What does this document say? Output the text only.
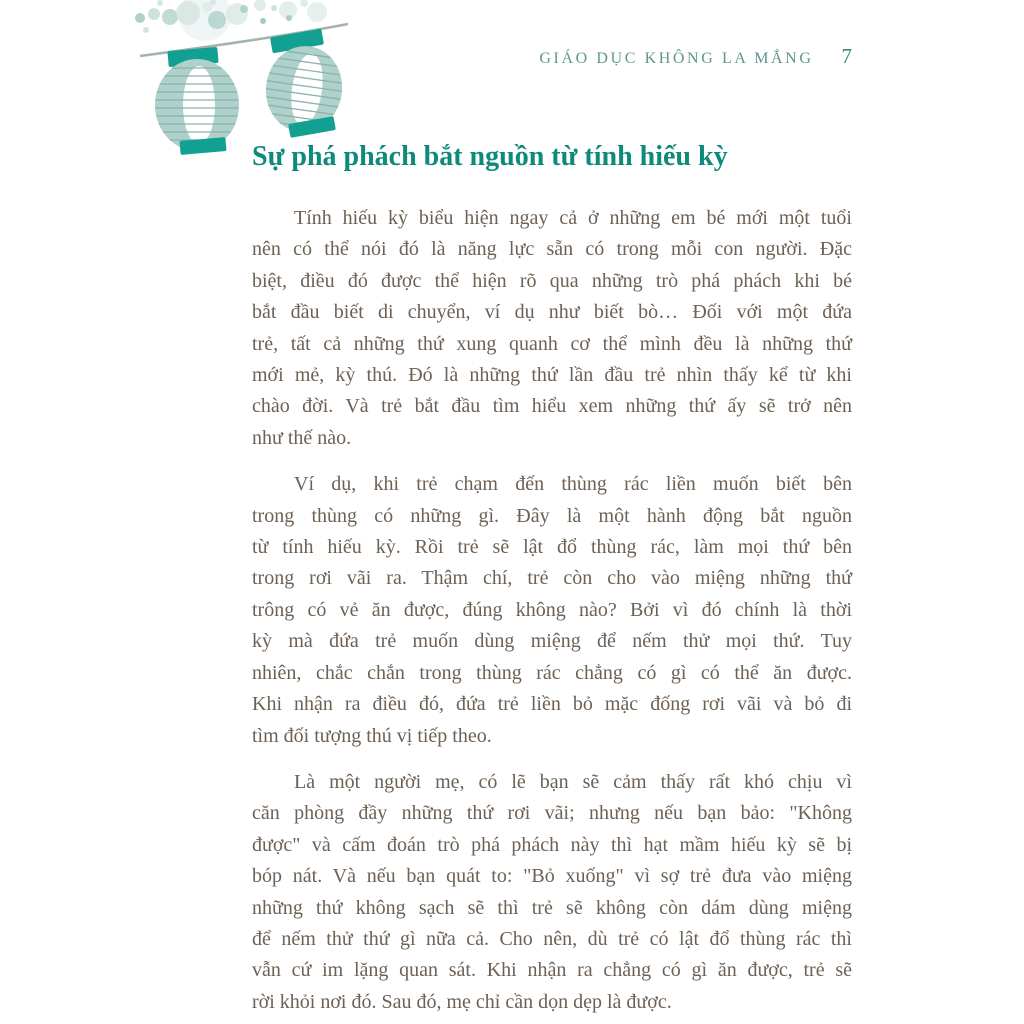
GIÁO DỤC KHÔNG LA MẮNG 7
Sự phá phách bắt nguồn từ tính hiếu kỳ

Tính hiếu kỳ biểu hiện ngay cả ở những em bé mới một tuổi
nên có thể nói đó là năng lực sẵn có trong mỗi con người. Đặc
biệt, điều đó được thể hiện rõ qua những trò phá phách khi bé
bắt đầu biết di chuyển, ví dụ như biết bò… Đối với một đứa
trẻ, tất cả những thứ xung quanh cơ thể mình đều là những thứ
mới mẻ, kỳ thú. Đó là những thứ lần đầu trẻ nhìn thấy kể từ khi
chào đời. Và trẻ bắt đầu tìm hiểu xem những thứ ấy sẽ trở nên
như thế nào.

Ví dụ, khi trẻ chạm đến thùng rác liền muốn biết bên
trong thùng có những gì. Đây là một hành động bắt nguồn
từ tính hiếu kỳ. Rồi trẻ sẽ lật đổ thùng rác, làm mọi thứ bên
trong rơi vãi ra. Thậm chí, trẻ còn cho vào miệng những thứ
trông có vẻ ăn được, đúng không nào? Bởi vì đó chính là thời
kỳ mà đứa trẻ muốn dùng miệng để nếm thử mọi thứ. Tuy
nhiên, chắc chắn trong thùng rác chẳng có gì có thể ăn được.
Khi nhận ra điều đó, đứa trẻ liền bỏ mặc đống rơi vãi và bỏ đi
tìm đối tượng thú vị tiếp theo.

Là một người mẹ, có lẽ bạn sẽ cảm thấy rất khó chịu vì
căn phòng đầy những thứ rơi vãi; nhưng nếu bạn bảo: "Không
được" và cấm đoán trò phá phách này thì hạt mầm hiếu kỳ sẽ bị
bóp nát. Và nếu bạn quát to: "Bỏ xuống" vì sợ trẻ đưa vào miệng
những thứ không sạch sẽ thì trẻ sẽ không còn dám dùng miệng
để nếm thử thứ gì nữa cả. Cho nên, dù trẻ có lật đổ thùng rác thì
vẫn cứ im lặng quan sát. Khi nhận ra chẳng có gì ăn được, trẻ sẽ
rời khỏi nơi đó. Sau đó, mẹ chỉ cần dọn dẹp là được.
